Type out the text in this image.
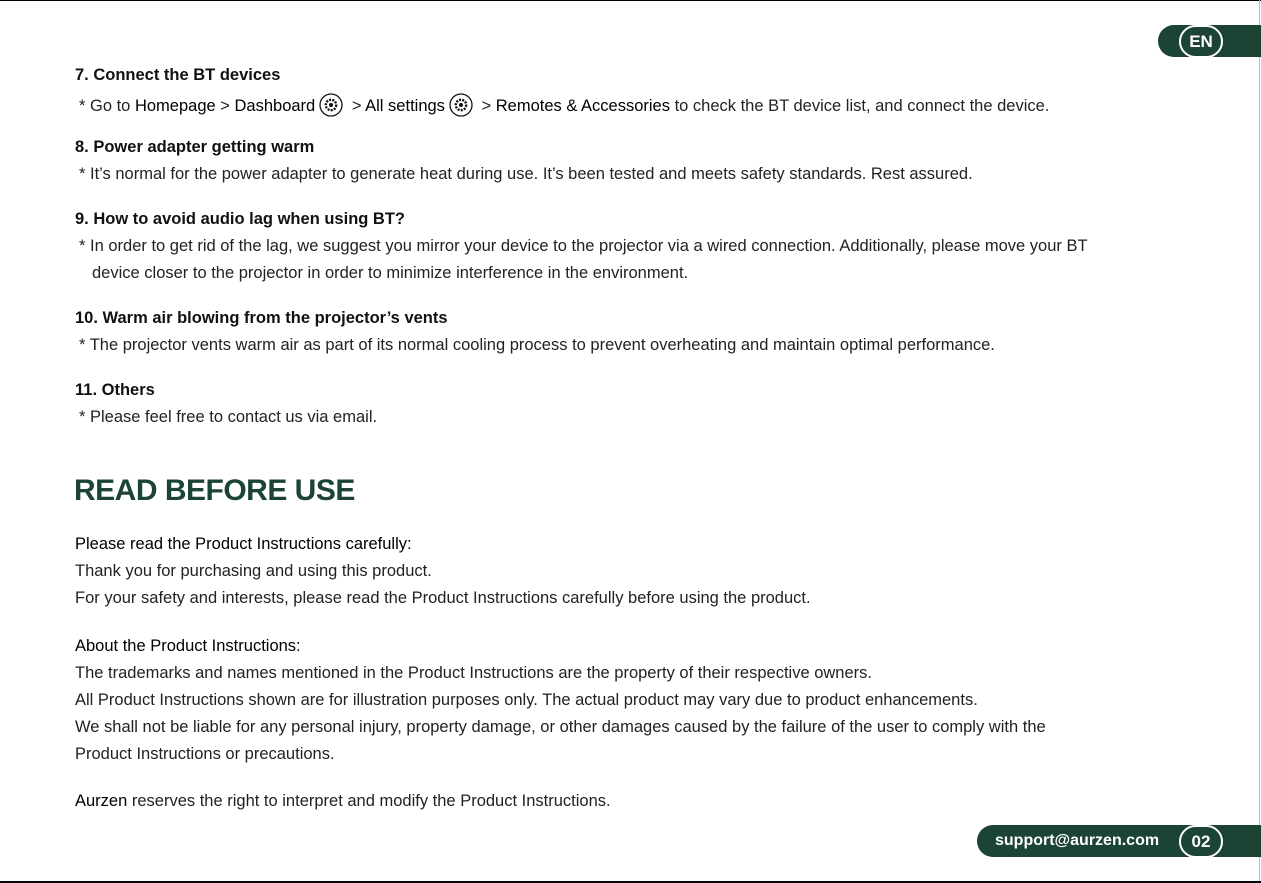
EN
7. Connect the BT devices
* Go to Homepage > Dashboard > All settings > Remotes & Accessories to check the BT device list, and connect the device.
8. Power adapter getting warm
* It’s normal for the power adapter to generate heat during use. It’s been tested and meets safety standards. Rest assured.
9. How to avoid audio lag when using BT?
* In order to get rid of the lag, we suggest you mirror your device to the projector via a wired connection. Additionally, please move your BT
device closer to the projector in order to minimize interference in the environment.
10. Warm air blowing from the projector’s vents
* The projector vents warm air as part of its normal cooling process to prevent overheating and maintain optimal performance.
11. Others
* Please feel free to contact us via email.
READ BEFORE USE
Please read the Product Instructions carefully:
Thank you for purchasing and using this product.
For your safety and interests, please read the Product Instructions carefully before using the product.
About the Product Instructions:
The trademarks and names mentioned in the Product Instructions are the property of their respective owners.
All Product Instructions shown are for illustration purposes only. The actual product may vary due to product enhancements.
We shall not be liable for any personal injury, property damage, or other damages caused by the failure of the user to comply with the
Product Instructions or precautions.
Aurzen reserves the right to interpret and modify the Product Instructions.
support@aurzen.com	02
